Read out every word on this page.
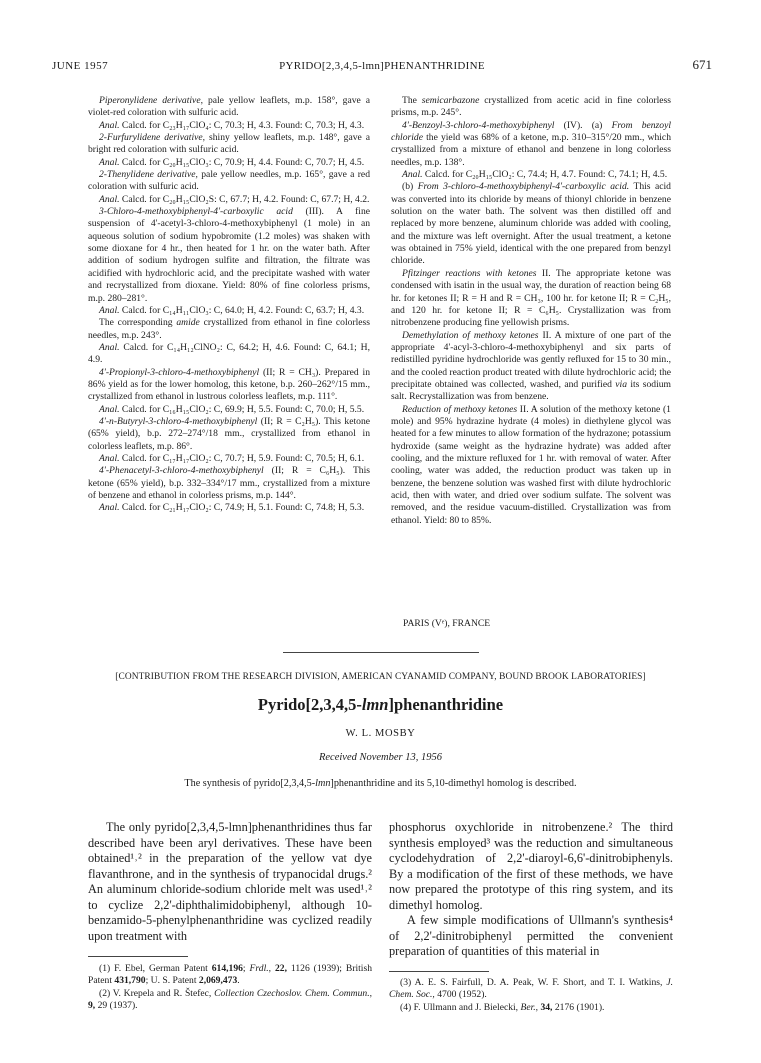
JUNE 1957	PYRIDO[2,3,4,5-lmn]PHENANTHRIDINE	671

Piperonylidene derivative, pale yellow leaflets, m.p. 158°, gave a violet-red coloration with sulfuric acid.

Anal. Calcd. for C₂₃H₁₇ClO₄: C, 70.3; H, 4.3. Found: C, 70.3; H, 4.3.

2-Furfurylidene derivative, shiny yellow leaflets, m.p. 148°, gave a bright red coloration with sulfuric acid.

Anal. Calcd. for C₂₀H₁₅ClO₃: C, 70.9; H, 4.4. Found: C, 70.7; H, 4.5.

2-Thenylidene derivative, pale yellow needles, m.p. 165°, gave a red coloration with sulfuric acid.

Anal. Calcd. for C₂₀H₁₅ClO₂S: C, 67.7; H, 4.2. Found: C, 67.7; H, 4.2.

3-Chloro-4-methoxybiphenyl-4'-carboxylic acid (III). A fine suspension of 4'-acetyl-3-chloro-4-methoxybiphenyl (1 mole) in an aqueous solution of sodium hypobromite (1.2 moles) was shaken with some dioxane for 4 hr., then heated for 1 hr. on the water bath. After addition of sodium hydrogen sulfite and filtration, the filtrate was acidified with hydrochloric acid, and the precipitate washed with water and recrystallized from dioxane. Yield: 80% of fine colorless prisms, m.p. 280–281°.

Anal. Calcd. for C₁₄H₁₁ClO₃: C, 64.0; H, 4.2. Found: C, 63.7; H, 4.3.

The corresponding amide crystallized from ethanol in fine colorless needles, m.p. 243°.

Anal. Calcd. for C₁₄H₁₂ClNO₂: C, 64.2; H, 4.6. Found: C, 64.1; H, 4.9.

4'-Propionyl-3-chloro-4-methoxybiphenyl (II; R = CH₃). Prepared in 86% yield as for the lower homolog, this ketone, b.p. 260–262°/15 mm., crystallized from ethanol in lustrous colorless leaflets, m.p. 111°.

Anal. Calcd. for C₁₆H₁₅ClO₂: C, 69.9; H, 5.5. Found: C, 70.0; H, 5.5.

4'-n-Butyryl-3-chloro-4-methoxybiphenyl (II; R = C₂H₅). This ketone (65% yield), b.p. 272–274°/18 mm., crystallized from ethanol in colorless leaflets, m.p. 86°.

Anal. Calcd. for C₁₇H₁₇ClO₂: C, 70.7; H, 5.9. Found: C, 70.5; H, 6.1.

4'-Phenacetyl-3-chloro-4-methoxybiphenyl (II; R = C₆H₅). This ketone (65% yield), b.p. 332–334°/17 mm., crystallized from a mixture of benzene and ethanol in colorless prisms, m.p. 144°.

Anal. Calcd. for C₂₁H₁₇ClO₂: C, 74.9; H, 5.1. Found: C, 74.8; H, 5.3.

The semicarbazone crystallized from acetic acid in fine colorless prisms, m.p. 245°.

4'-Benzoyl-3-chloro-4-methoxybiphenyl (IV). (a) From benzoyl chloride the yield was 68% of a ketone, m.p. 310–315°/20 mm., which crystallized from a mixture of ethanol and benzene in long colorless needles, m.p. 138°.

Anal. Calcd. for C₂₀H₁₅ClO₂: C, 74.4; H, 4.7. Found: C, 74.1; H, 4.5.

(b) From 3-chloro-4-methoxybiphenyl-4'-carboxylic acid. This acid was converted into its chloride by means of thionyl chloride in benzene solution on the water bath. The solvent was then distilled off and replaced by more benzene, aluminum chloride was added with cooling, and the mixture was left overnight. After the usual treatment, a ketone was obtained in 75% yield, identical with the one prepared from benzyl chloride.

Pfitzinger reactions with ketones II. The appropriate ketone was condensed with isatin in the usual way, the duration of reaction being 68 hr. for ketones II; R = H and R = CH₃, 100 hr. for ketone II; R = C₂H₅, and 120 hr. for ketone II; R = C₆H₅. Crystallization was from nitrobenzene producing fine yellowish prisms.

Demethylation of methoxy ketones II. A mixture of one part of the appropriate 4'-acyl-3-chloro-4-methoxybiphenyl and six parts of redistilled pyridine hydrochloride was gently refluxed for 15 to 30 min., and the cooled reaction product treated with dilute hydrochloric acid; the precipitate obtained was collected, washed, and purified via its sodium salt. Recrystallization was from benzene.

Reduction of methoxy ketones II. A solution of the methoxy ketone (1 mole) and 95% hydrazine hydrate (4 moles) in diethylene glycol was heated for a few minutes to allow formation of the hydrazone; potassium hydroxide (same weight as the hydrazine hydrate) was added after cooling, and the mixture refluxed for 1 hr. with removal of water. After cooling, water was added, the reduction product was taken up in benzene, the benzene solution was washed first with dilute hydrochloric acid, then with water, and dried over sodium sulfate. The solvent was removed, and the residue vacuum-distilled. Crystallization was from ethanol. Yield: 80 to 85%.

PARIS (Vᵉ), FRANCE
[CONTRIBUTION FROM THE RESEARCH DIVISION, AMERICAN CYANAMID COMPANY, BOUND BROOK LABORATORIES]
Pyrido[2,3,4,5-lmn]phenanthridine
W. L. MOSBY
Received November 13, 1956
The synthesis of pyrido[2,3,4,5-lmn]phenanthridine and its 5,10-dimethyl homolog is described.

The only pyrido[2,3,4,5-lmn]phenanthridines thus far described have been aryl derivatives. These have been obtained¹˒² in the preparation of the yellow vat dye flavanthrone, and in the synthesis of trypanocidal drugs.² An aluminum chloride-sodium chloride melt was used¹˒² to cyclize 2,2'-diphthalimidobiphenyl, although 10-benzamido-5-phenylphenanthridine was cyclized readily upon treatment with

phosphorus oxychloride in nitrobenzene.² The third synthesis employed³ was the reduction and simultaneous cyclodehydration of 2,2'-diaroyl-6,6'-dinitrobiphenyls. By a modification of the first of these methods, we have now prepared the prototype of this ring system, and its dimethyl homolog.

A few simple modifications of Ullmann's synthesis⁴ of 2,2'-dinitrobiphenyl permitted the convenient preparation of quantities of this material in

(1) F. Ebel, German Patent 614,196; Frdl., 22, 1126 (1939); British Patent 431,790; U. S. Patent 2,069,473.

(2) V. Krepela and R. Štefec, Collection Czechoslov. Chem. Commun., 9, 29 (1937).

(3) A. E. S. Fairfull, D. A. Peak, W. F. Short, and T. I. Watkins, J. Chem. Soc., 4700 (1952).

(4) F. Ullmann and J. Bielecki, Ber., 34, 2176 (1901).
